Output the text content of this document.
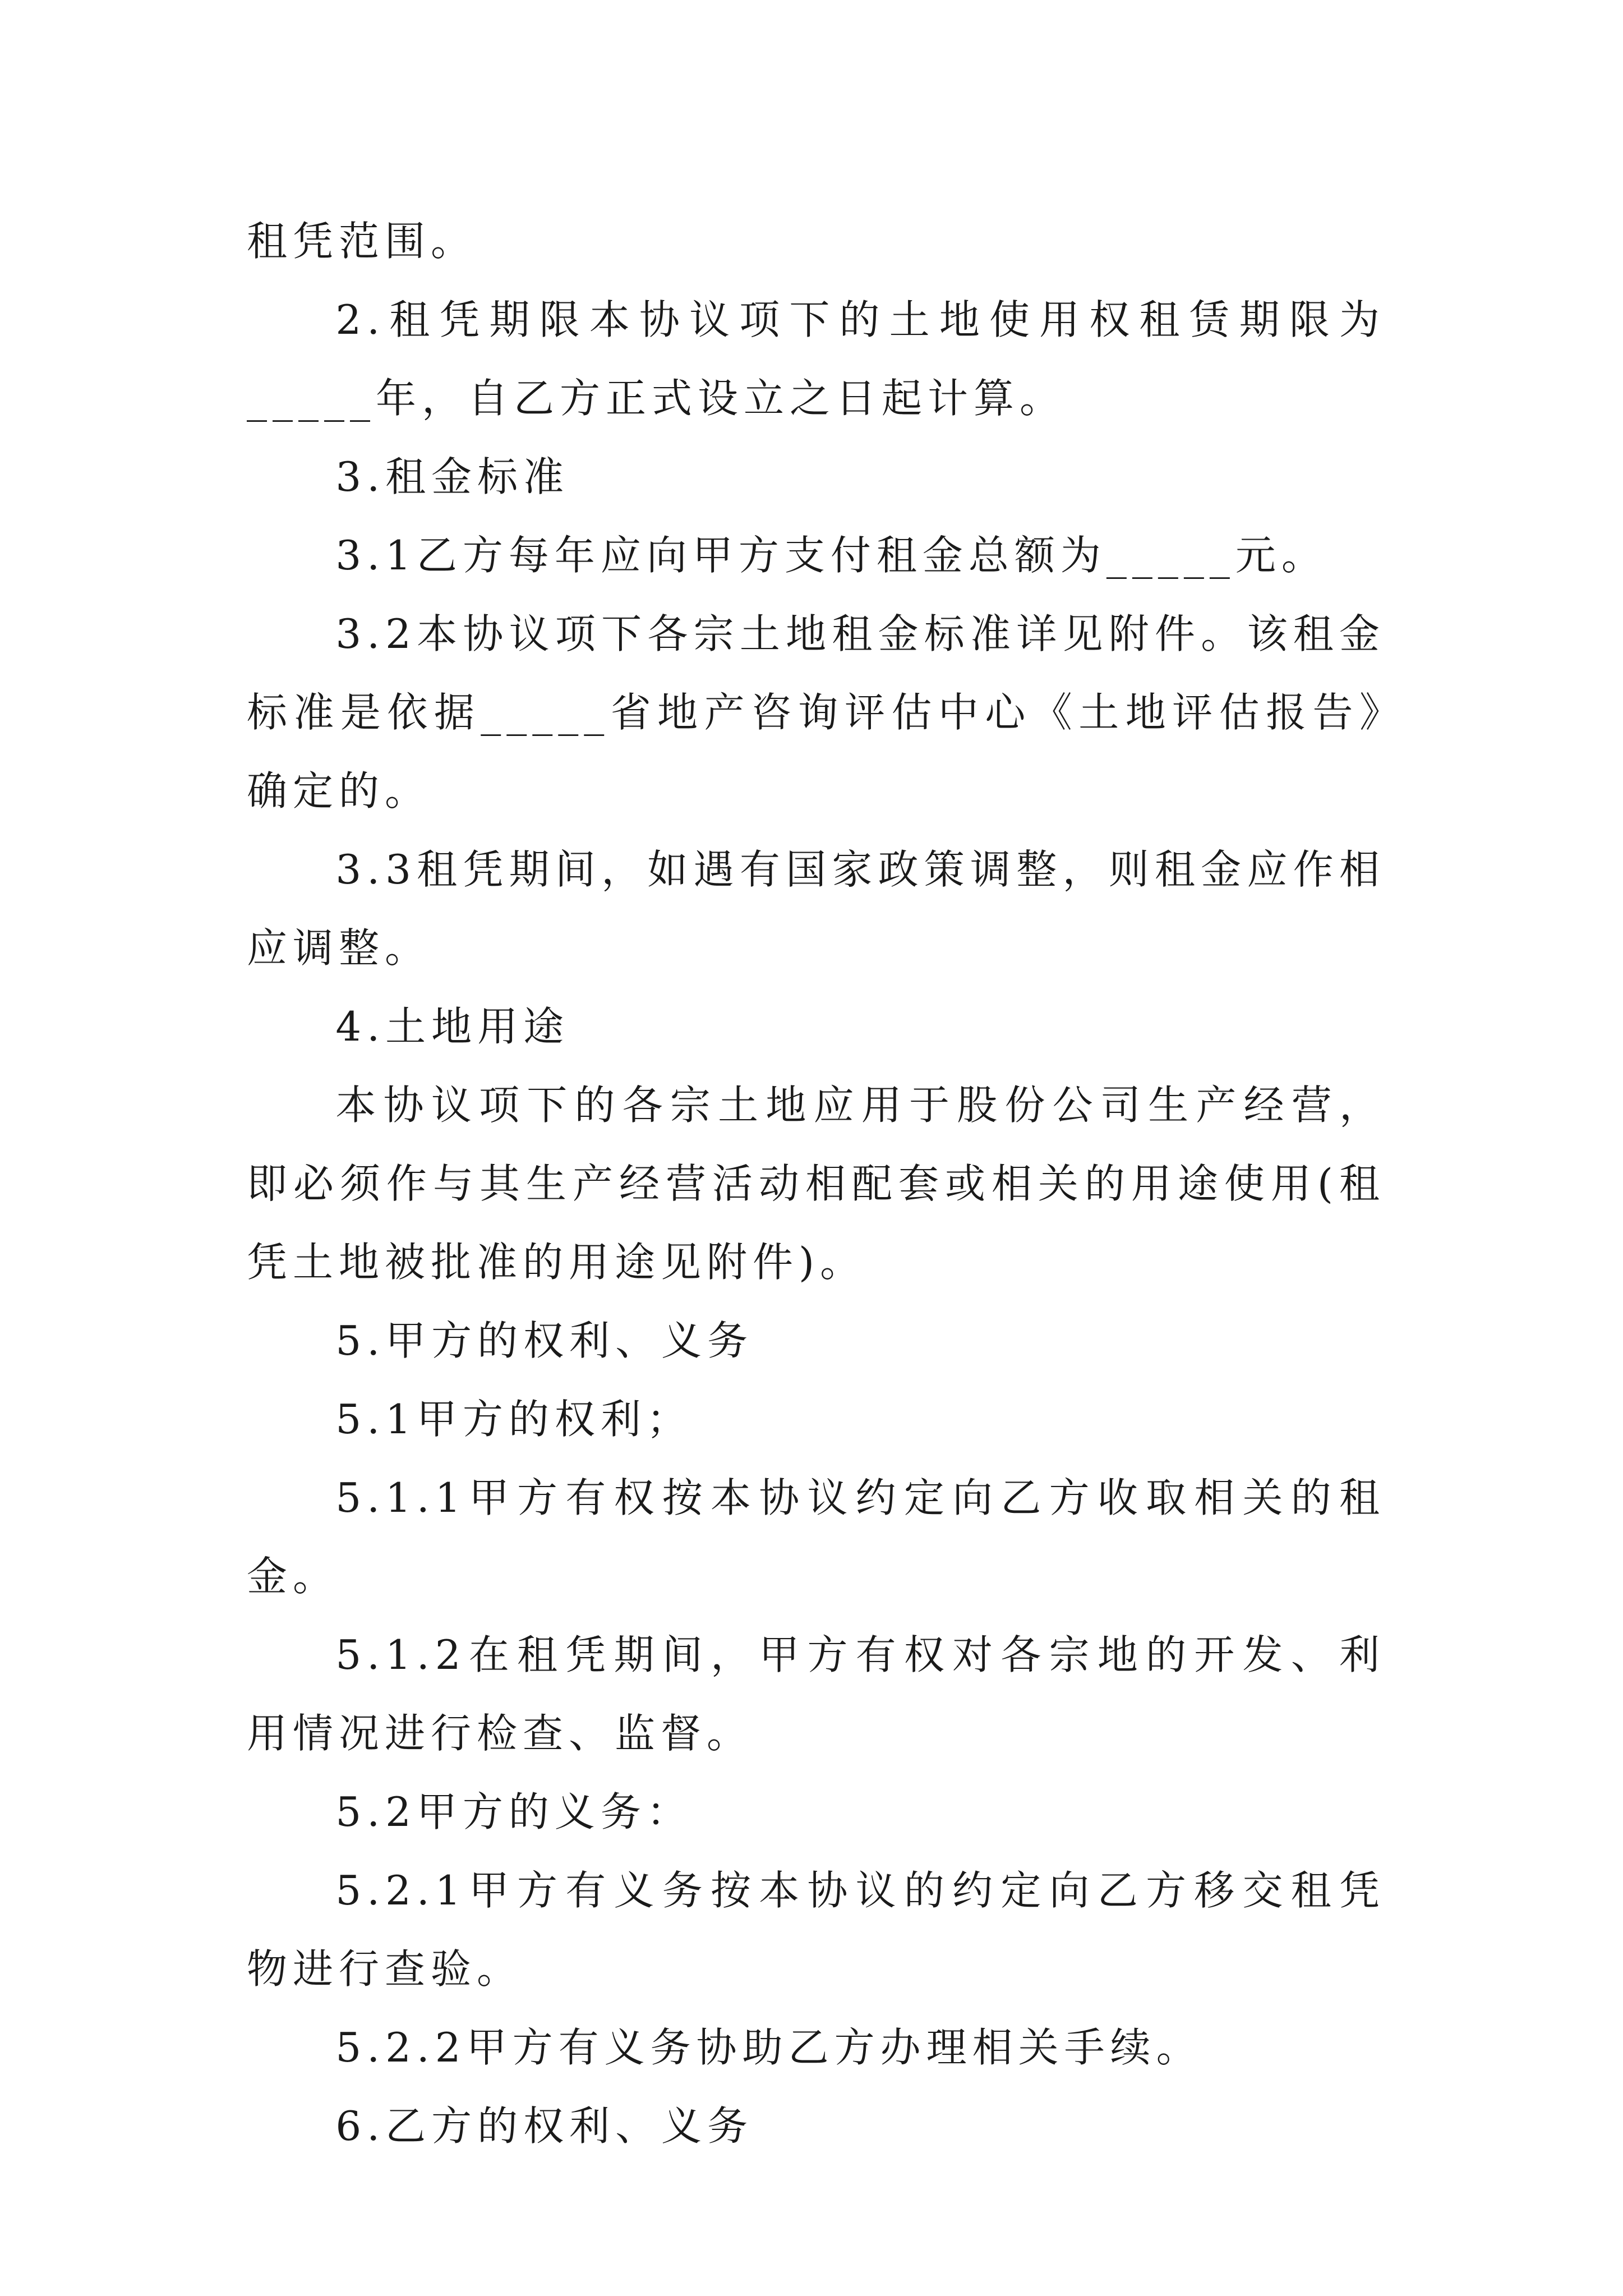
租凭范围。

2.租凭期限本协议项下的土地使用权租赁期限为_____年，自乙方正式设立之日起计算。

3.租金标准

3.1乙方每年应向甲方支付租金总额为_____元。

3.2本协议项下各宗土地租金标准详见附件。该租金标准是依据_____省地产咨询评估中心《土地评估报告》确定的。

3.3租凭期间，如遇有国家政策调整，则租金应作相应调整。

4.土地用途

本协议项下的各宗土地应用于股份公司生产经营，即必须作与其生产经营活动相配套或相关的用途使用(租凭土地被批准的用途见附件)。

5.甲方的权利、义务

5.1甲方的权利；

5.1.1甲方有权按本协议约定向乙方收取相关的租金。

5.1.2在租凭期间，甲方有权对各宗地的开发、利用情况进行检查、监督。

5.2甲方的义务：

5.2.1甲方有义务按本协议的约定向乙方移交租凭物进行查验。

5.2.2甲方有义务协助乙方办理相关手续。

6.乙方的权利、义务
